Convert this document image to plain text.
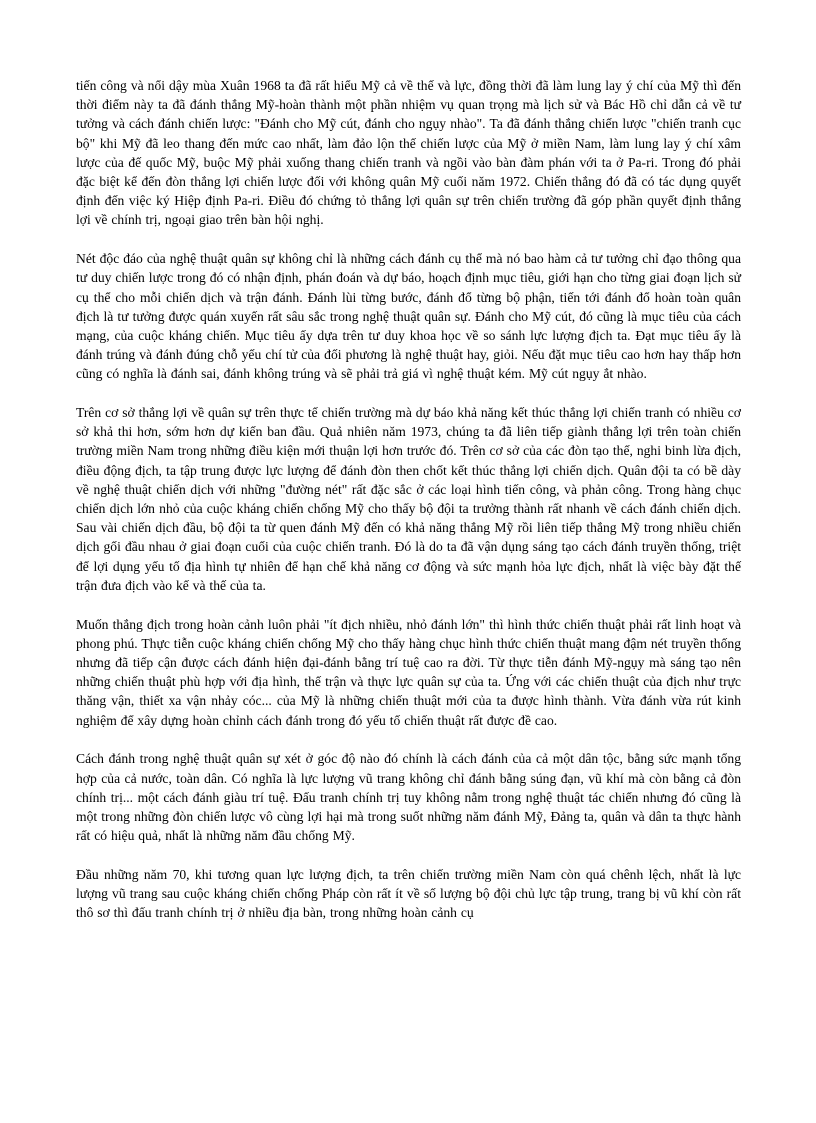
tiến công và nổi dậy mùa Xuân 1968 ta đã rất hiểu Mỹ cả về thế và lực, đồng thời đã làm lung lay ý chí của Mỹ thì đến thời điểm này ta đã đánh thắng Mỹ-hoàn thành một phần nhiệm vụ quan trọng mà lịch sử và Bác Hồ chỉ dẫn cả về tư tưởng và cách đánh chiến lược: "Đánh cho Mỹ cút, đánh cho ngụy nhào". Ta đã đánh thắng chiến lược "chiến tranh cục bộ" khi Mỹ đã leo thang đến mức cao nhất, làm đảo lộn thế chiến lược của Mỹ ở miền Nam, làm lung lay ý chí xâm lược của đế quốc Mỹ, buộc Mỹ phải xuống thang chiến tranh và ngồi vào bàn đàm phán với ta ở Pa-ri. Trong đó phải đặc biệt kể đến đòn thắng lợi chiến lược đối với không quân Mỹ cuối năm 1972. Chiến thắng đó đã có tác dụng quyết định đến việc ký Hiệp định Pa-ri. Điều đó chứng tỏ thắng lợi quân sự trên chiến trường đã góp phần quyết định thắng lợi về chính trị, ngoại giao trên bàn hội nghị.

Nét độc đáo của nghệ thuật quân sự không chỉ là những cách đánh cụ thể mà nó bao hàm cả tư tưởng chỉ đạo thông qua tư duy chiến lược trong đó có nhận định, phán đoán và dự báo, hoạch định mục tiêu, giới hạn cho từng giai đoạn lịch sử cụ thể cho mỗi chiến dịch và trận đánh. Đánh lùi từng bước, đánh đổ từng bộ phận, tiến tới đánh đổ hoàn toàn quân địch là tư tưởng được quán xuyến rất sâu sắc trong nghệ thuật quân sự. Đánh cho Mỹ cút, đó cũng là mục tiêu của cách mạng, của cuộc kháng chiến. Mục tiêu ấy dựa trên tư duy khoa học về so sánh lực lượng địch ta. Đạt mục tiêu ấy là đánh trúng và đánh đúng chỗ yếu chí tử của đối phương là nghệ thuật hay, giỏi. Nếu đặt mục tiêu cao hơn hay thấp hơn cũng có nghĩa là đánh sai, đánh không trúng và sẽ phải trả giá vì nghệ thuật kém. Mỹ cút ngụy ắt nhào.

Trên cơ sở thắng lợi về quân sự trên thực tế chiến trường mà dự báo khả năng kết thúc thắng lợi chiến tranh có nhiều cơ sở khả thi hơn, sớm hơn dự kiến ban đầu. Quả nhiên năm 1973, chúng ta đã liên tiếp giành thắng lợi trên toàn chiến trường miền Nam trong những điều kiện mới thuận lợi hơn trước đó. Trên cơ sở của các đòn tạo thế, nghi binh lừa địch, điều động địch, ta tập trung được lực lượng để đánh đòn then chốt kết thúc thắng lợi chiến dịch. Quân đội ta có bề dày về nghệ thuật chiến dịch với những "đường nét" rất đặc sắc ở các loại hình tiến công, và phản công. Trong hàng chục chiến dịch lớn nhỏ của cuộc kháng chiến chống Mỹ cho thấy bộ đội ta trưởng thành rất nhanh về cách đánh chiến dịch. Sau vài chiến dịch đầu, bộ đội ta từ quen đánh Mỹ đến có khả năng thắng Mỹ rồi liên tiếp thắng Mỹ trong nhiều chiến dịch gối đầu nhau ở giai đoạn cuối của cuộc chiến tranh. Đó là do ta đã vận dụng sáng tạo cách đánh truyền thống, triệt để lợi dụng yếu tố địa hình tự nhiên để hạn chế khả năng cơ động và sức mạnh hỏa lực địch, nhất là việc bày đặt thế trận đưa địch vào kế và thế của ta.

Muốn thắng địch trong hoàn cảnh luôn phải "ít địch nhiều, nhỏ đánh lớn" thì hình thức chiến thuật phải rất linh hoạt và phong phú. Thực tiễn cuộc kháng chiến chống Mỹ cho thấy hàng chục hình thức chiến thuật mang đậm nét truyền thống nhưng đã tiếp cận được cách đánh hiện đại-đánh bằng trí tuệ cao ra đời. Từ thực tiễn đánh Mỹ-ngụy mà sáng tạo nên những chiến thuật phù hợp với địa hình, thế trận và thực lực quân sự của ta. Ứng với các chiến thuật của địch như trực thăng vận, thiết xa vận nhảy cóc... của Mỹ là những chiến thuật mới của ta được hình thành. Vừa đánh vừa rút kinh nghiệm để xây dựng hoàn chỉnh cách đánh trong đó yếu tố chiến thuật rất được đề cao.

Cách đánh trong nghệ thuật quân sự xét ở góc độ nào đó chính là cách đánh của cả một dân tộc, bằng sức mạnh tổng hợp của cả nước, toàn dân. Có nghĩa là lực lượng vũ trang không chỉ đánh bằng súng đạn, vũ khí mà còn bằng cả đòn chính trị... một cách đánh giàu trí tuệ. Đấu tranh chính trị tuy không nằm trong nghệ thuật tác chiến nhưng đó cũng là một trong những đòn chiến lược vô cùng lợi hại mà trong suốt những năm đánh Mỹ, Đảng ta, quân và dân ta thực hành rất có hiệu quả, nhất là những năm đầu chống Mỹ.

Đầu những năm 70, khi tương quan lực lượng địch, ta trên chiến trường miền Nam còn quá chênh lệch, nhất là lực lượng vũ trang sau cuộc kháng chiến chống Pháp còn rất ít về số lượng bộ đội chủ lực tập trung, trang bị vũ khí còn rất thô sơ thì đấu tranh chính trị ở nhiều địa bàn, trong những hoàn cảnh cụ
